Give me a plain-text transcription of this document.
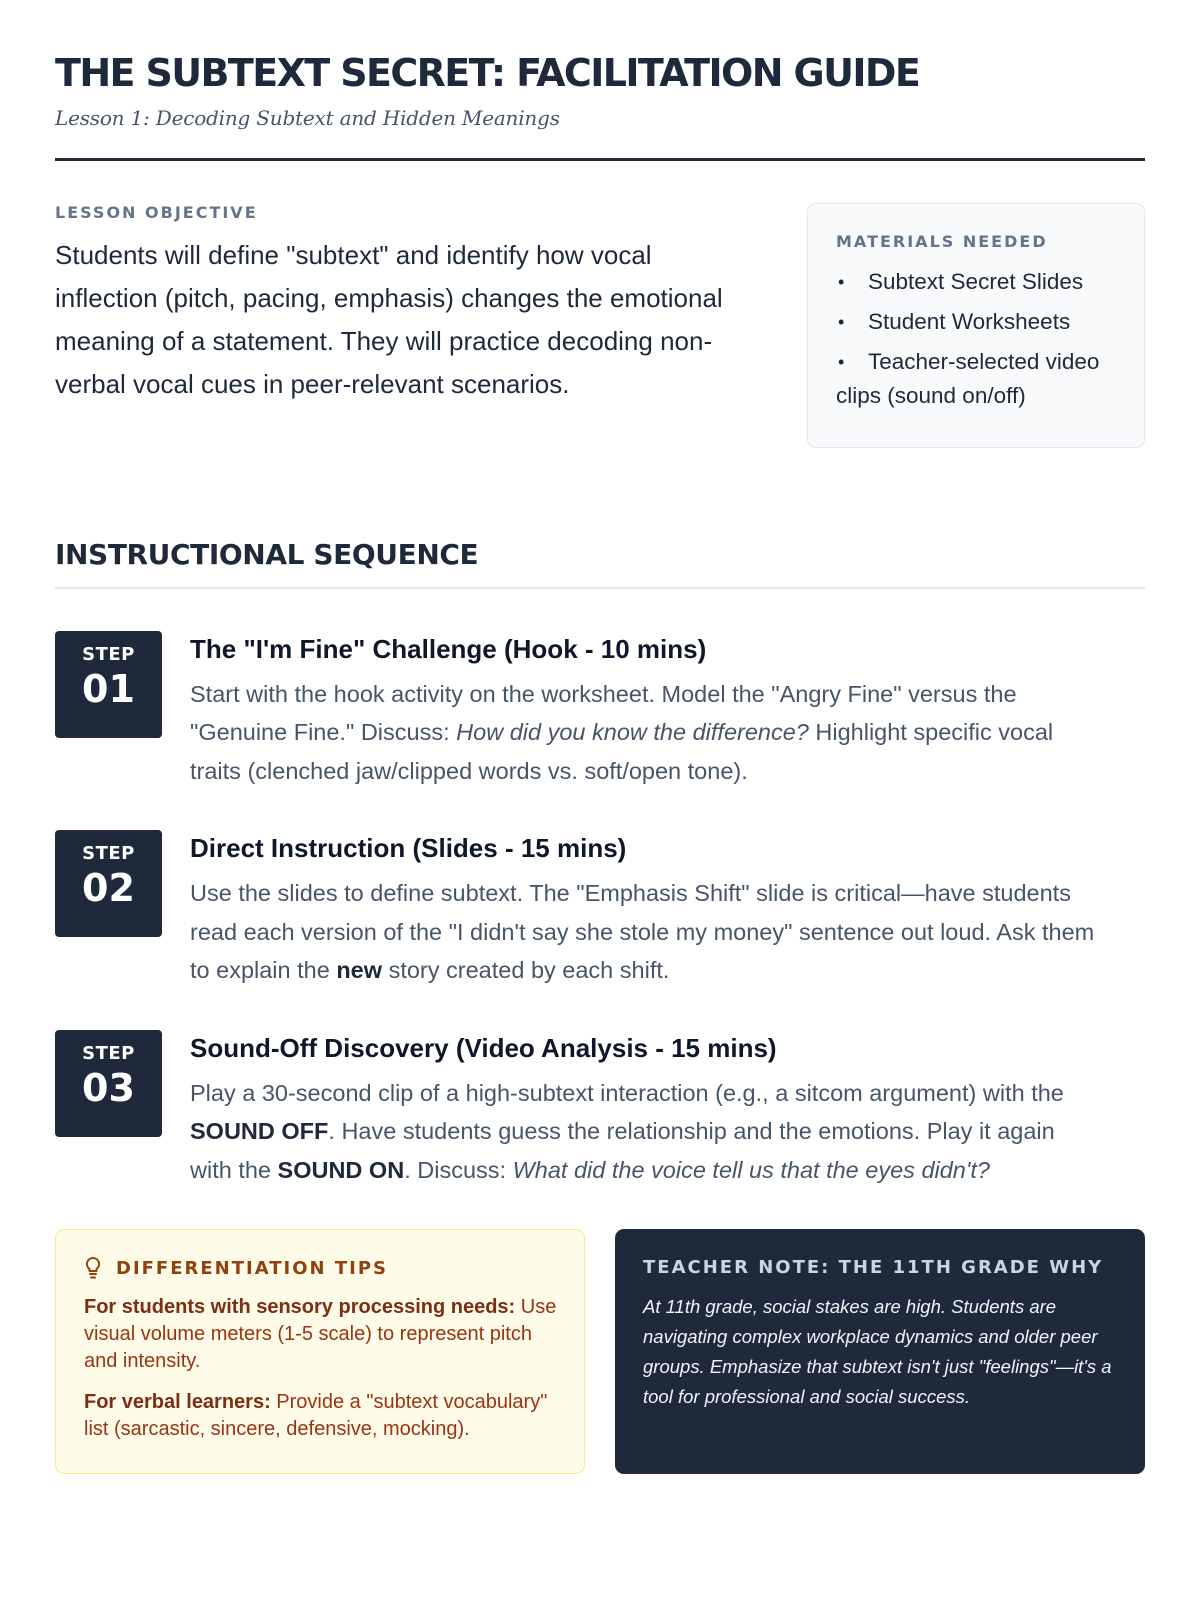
THE SUBTEXT SECRET: FACILITATION GUIDE
Lesson 1: Decoding Subtext and Hidden Meanings
LESSON OBJECTIVE
Students will define "subtext" and identify how vocal inflection (pitch, pacing, emphasis) changes the emotional meaning of a statement. They will practice decoding non-verbal vocal cues in peer-relevant scenarios.
MATERIALS NEEDED
• Subtext Secret Slides
• Student Worksheets
• Teacher-selected video clips (sound on/off)
INSTRUCTIONAL SEQUENCE
STEP
01
The "I'm Fine" Challenge (Hook - 10 mins)
Start with the hook activity on the worksheet. Model the "Angry Fine" versus the "Genuine Fine." Discuss: How did you know the difference? Highlight specific vocal traits (clenched jaw/clipped words vs. soft/open tone).
STEP
02
Direct Instruction (Slides - 15 mins)
Use the slides to define subtext. The "Emphasis Shift" slide is critical—have students read each version of the "I didn't say she stole my money" sentence out loud. Ask them to explain the new story created by each shift.
STEP
03
Sound-Off Discovery (Video Analysis - 15 mins)
Play a 30-second clip of a high-subtext interaction (e.g., a sitcom argument) with the SOUND OFF. Have students guess the relationship and the emotions. Play it again with the SOUND ON. Discuss: What did the voice tell us that the eyes didn't?
DIFFERENTIATION TIPS

For students with sensory processing needs: Use visual volume meters (1-5 scale) to represent pitch and intensity.

For verbal learners: Provide a "subtext vocabulary" list (sarcastic, sincere, defensive, mocking).

TEACHER NOTE: THE 11TH GRADE WHY
At 11th grade, social stakes are high. Students are navigating complex workplace dynamics and older peer groups. Emphasize that subtext isn't just "feelings"—it's a tool for professional and social success.
